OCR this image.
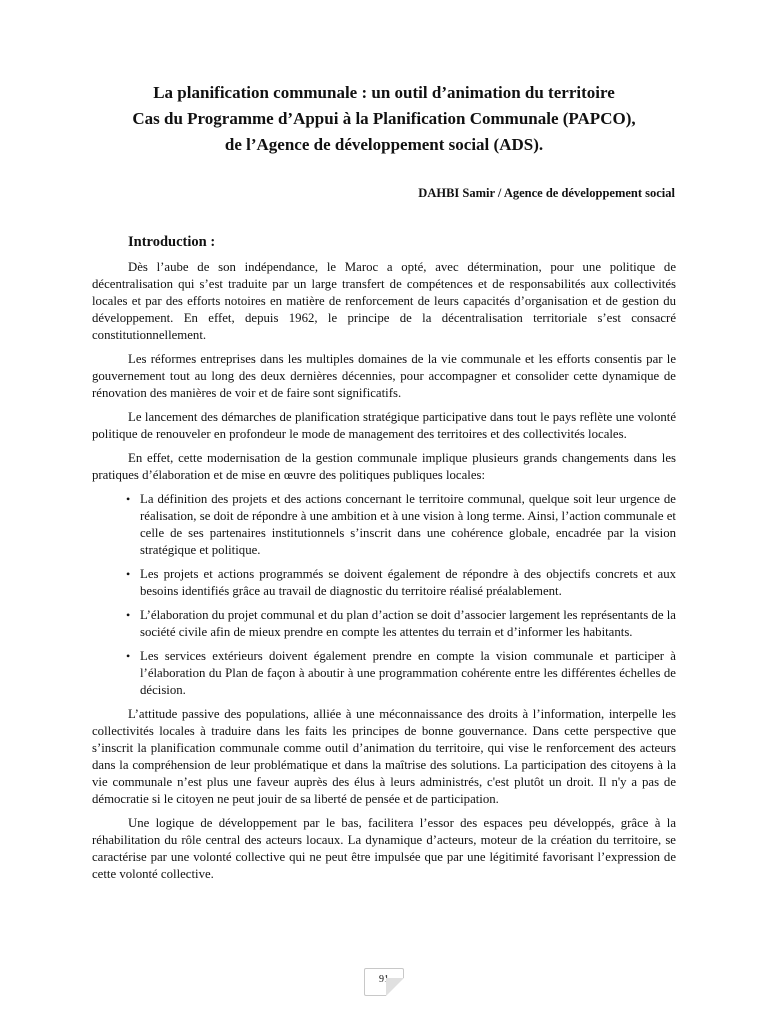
La planification communale : un outil d’animation du territoire
Cas du Programme d’Appui à la Planification Communale (PAPCO),
de l’Agence de développement social (ADS).
DAHBI Samir / Agence de développement social
Introduction :

Dès l’aube de son indépendance, le Maroc a opté, avec détermination, pour une politique de décentralisation qui s’est traduite par un large transfert de compétences et de responsabilités aux collectivités locales et par des efforts notoires en matière de renforcement de leurs capacités d’organisation et de gestion du développement. En effet, depuis 1962, le principe de la décentralisation territoriale s’est consacré constitutionnellement.

Les réformes entreprises dans les multiples domaines de la vie communale et les efforts consentis par le gouvernement tout au long des deux dernières décennies, pour accompagner et consolider cette dynamique de rénovation des manières de voir et de faire sont significatifs.

Le lancement des démarches de planification stratégique participative dans tout le pays reflète une volonté politique de renouveler en profondeur le mode de management des territoires et des collectivités locales.

En effet, cette modernisation de la gestion communale implique plusieurs grands changements dans les pratiques d’élaboration et de mise en œuvre des politiques publiques locales:

• La définition des projets et des actions concernant le territoire communal, quelque soit leur urgence de réalisation, se doit de répondre à une ambition et à une vision à long terme. Ainsi, l’action communale et celle de ses partenaires institutionnels s’inscrit dans une cohérence globale, encadrée par la vision stratégique et politique.
• Les projets et actions programmés se doivent également de répondre à des objectifs concrets et aux besoins identifiés grâce au travail de diagnostic du territoire réalisé préalablement.
• L’élaboration du projet communal et du plan d’action se doit d’associer largement les représentants de la société civile afin de mieux prendre en compte les attentes du terrain et d’informer les habitants.
• Les services extérieurs doivent également prendre en compte la vision communale et participer à l’élaboration du Plan de façon à aboutir à une programmation cohérente entre les différentes échelles de décision.

L’attitude passive des populations, alliée à une méconnaissance des droits à l’information, interpelle les collectivités locales à traduire dans les faits les principes de bonne gouvernance. Dans cette perspective que s’inscrit la planification communale comme outil d’animation du territoire, qui vise le renforcement des acteurs dans la compréhension de leur problématique et dans la maîtrise des solutions. La participation des citoyens à la vie communale n’est plus une faveur auprès des élus à leurs administrés, c'est plutôt un droit. Il n'y a pas de démocratie si le citoyen ne peut jouir de sa liberté de pensée et de participation.

Une logique de développement par le bas, facilitera l’essor des espaces peu développés, grâce à la réhabilitation du rôle central des acteurs locaux. La dynamique d’acteurs, moteur de la création du territoire, se caractérise par une volonté collective qui ne peut être impulsée que par une légitimité favorisant l’expression de cette volonté collective.

91
